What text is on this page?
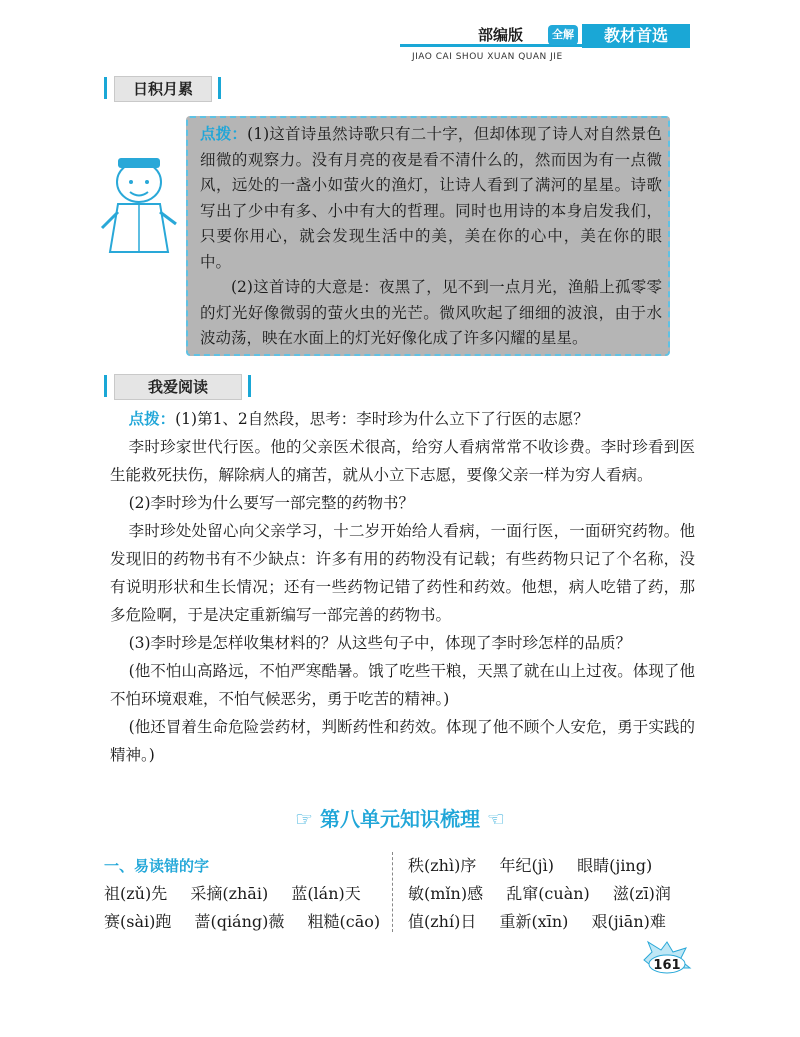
部编版	全解	教材首选
JIAO CAI SHOU XUAN QUAN JIE
日积月累

点拨：(1)这首诗虽然诗歌只有二十字，但却体现了诗人对自然景色细微的观察力。没有月亮的夜是看不清什么的，然而因为有一点微风，远处的一盏小如萤火的渔灯，让诗人看到了满河的星星。诗歌写出了少中有多、小中有大的哲理。同时也用诗的本身启发我们，只要你用心，就会发现生活中的美，美在你的心中，美在你的眼中。

(2)这首诗的大意是：夜黑了，见不到一点月光，渔船上孤零零的灯光好像微弱的萤火虫的光芒。微风吹起了细细的波浪，由于水波动荡，映在水面上的灯光好像化成了许多闪耀的星星。

我爱阅读

点拨：(1)第1、2自然段，思考：李时珍为什么立下了行医的志愿？

李时珍家世代行医。他的父亲医术很高，给穷人看病常常不收诊费。李时珍看到医生能救死扶伤，解除病人的痛苦，就从小立下志愿，要像父亲一样为穷人看病。

(2)李时珍为什么要写一部完整的药物书？

李时珍处处留心向父亲学习，十二岁开始给人看病，一面行医，一面研究药物。他发现旧的药物书有不少缺点：许多有用的药物没有记载；有些药物只记了个名称，没有说明形状和生长情况；还有一些药物记错了药性和药效。他想，病人吃错了药，那多危险啊，于是决定重新编写一部完善的药物书。

(3)李时珍是怎样收集材料的？从这些句子中，体现了李时珍怎样的品质？

(他不怕山高路远，不怕严寒酷暑。饿了吃些干粮，天黑了就在山上过夜。体现了他不怕环境艰难，不怕气候恶劣，勇于吃苦的精神。)

(他还冒着生命危险尝药材，判断药性和药效。体现了他不顾个人安危，勇于实践的精神。)

☞ 第八单元知识梳理 ☜
一、易读错的字
祖(zǔ)先 采摘(zhāi) 蓝(lán)天
赛(sài)跑 蔷(qiáng)薇 粗糙(cāo)
秩(zhì)序 年纪(jì) 眼睛(jing)
敏(mǐn)感 乱窜(cuàn) 滋(zī)润
值(zhí)日 重新(xīn) 艰(jiān)难
161
